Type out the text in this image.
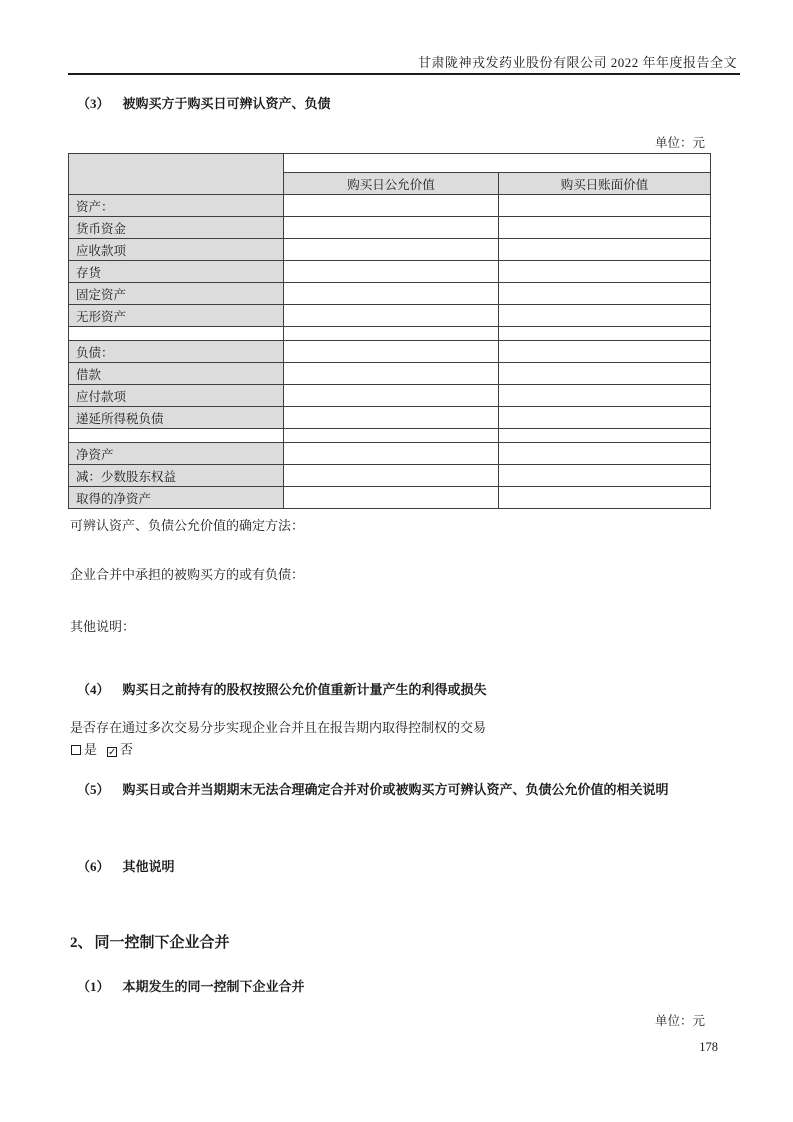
甘肃陇神戎发药业股份有限公司 2022 年年度报告全文
（3） 被购买方于购买日可辨认资产、负债
单位：元

	购买日公允价值	购买日账面价值
资产：		
货币资金		
应收款项		
存货		
固定资产		
无形资产		

负债：		
借款		
应付款项		
递延所得税负债		

净资产		
减：少数股东权益		
取得的净资产		
可辨认资产、负债公允价值的确定方法：
企业合并中承担的被购买方的或有负债：
其他说明：
（4） 购买日之前持有的股权按照公允价值重新计量产生的利得或损失
是否存在通过多次交易分步实现企业合并且在报告期内取得控制权的交易
是 ✓ 否
（5） 购买日或合并当期期末无法合理确定合并对价或被购买方可辨认资产、负债公允价值的相关说明
（6） 其他说明
2、 同一控制下企业合并
（1） 本期发生的同一控制下企业合并
单位：元
178
